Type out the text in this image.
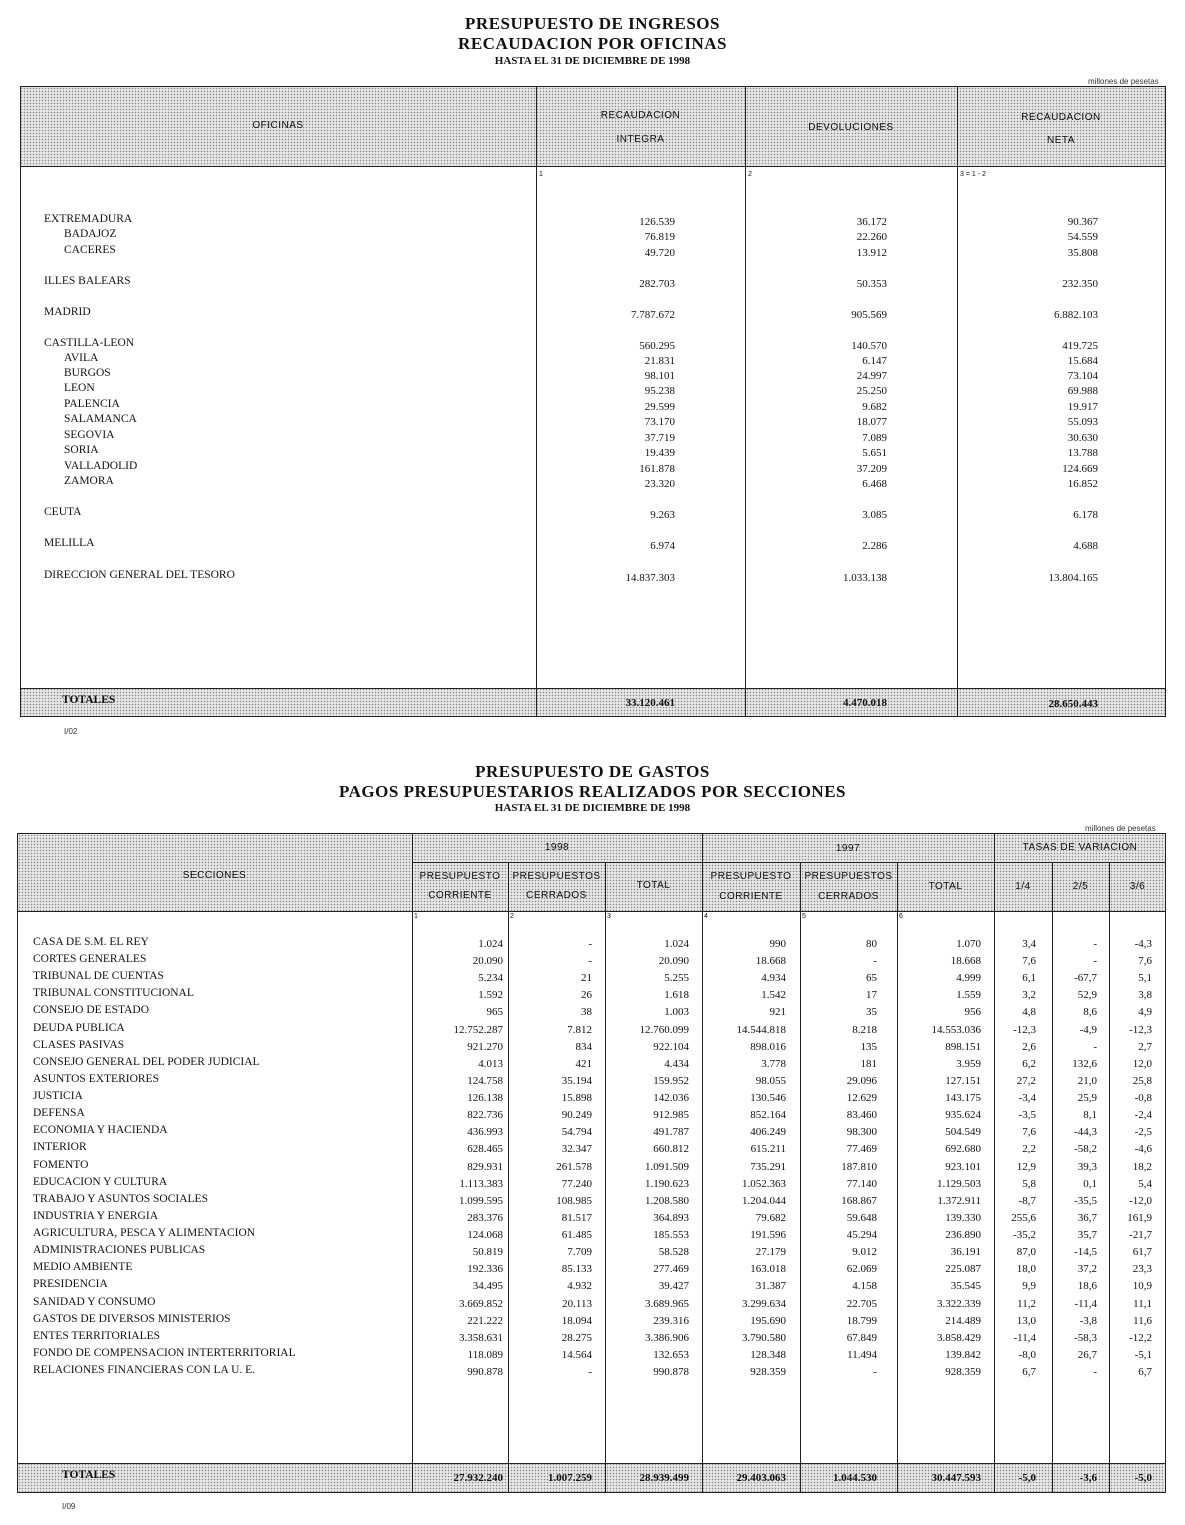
PRESUPUESTO DE INGRESOS
RECAUDACION POR OFICINAS
HASTA EL 31 DE DICIEMBRE DE 1998
millones de pesetas
OFICINAS
RECAUDACION
INTEGRA
DEVOLUCIONES
RECAUDACION
NETA
1	2	3 = 1 - 2
EXTREMADURA	126.539	36.172	90.367
BADAJOZ	76.819	22.260	54.559
CACERES	49.720	13.912	35.808
ILLES BALEARS	282.703	50.353	232.350
MADRID	7.787.672	905.569	6.882.103
CASTILLA-LEON	560.295	140.570	419.725
AVILA	21.831	6.147	15.684
BURGOS	98.101	24.997	73.104
LEON	95.238	25.250	69.988
PALENCIA	29.599	9.682	19.917
SALAMANCA	73.170	18.077	55.093
SEGOVIA	37.719	7.089	30.630
SORIA	19.439	5.651	13.788
VALLADOLID	161.878	37.209	124.669
ZAMORA	23.320	6.468	16.852
CEUTA	9.263	3.085	6.178
MELILLA	6.974	2.286	4.688
DIRECCION GENERAL DEL TESORO	14.837.303	1.033.138	13.804.165
TOTALES	33.120.461	4.470.018	28.650.443
I/02
PRESUPUESTO DE GASTOS
PAGOS PRESUPUESTARIOS REALIZADOS POR SECCIONES
HASTA EL 31 DE DICIEMBRE DE 1998
millones de pesetas
SECCIONES
1998	1997	TASAS DE VARIACION
PRESUPUESTO
CORRIENTE
PRESUPUESTOS
CERRADOS
TOTAL
PRESUPUESTO
CORRIENTE
PRESUPUESTOS
CERRADOS
TOTAL	1/4	2/5	3/6
1	2	3	4	5	6
CASA DE S.M. EL REY	1.024	-	1.024	990	80	1.070	3,4	-	-4,3
CORTES GENERALES	20.090	-	20.090	18.668	-	18.668	7,6	-	7,6
TRIBUNAL DE CUENTAS	5.234	21	5.255	4.934	65	4.999	6,1	-67,7	5,1
TRIBUNAL CONSTITUCIONAL	1.592	26	1.618	1.542	17	1.559	3,2	52,9	3,8
CONSEJO DE ESTADO	965	38	1.003	921	35	956	4,8	8,6	4,9
DEUDA PUBLICA	12.752.287	7.812	12.760.099	14.544.818	8.218	14.553.036	-12,3	-4,9	-12,3
CLASES PASIVAS	921.270	834	922.104	898.016	135	898.151	2,6	-	2,7
CONSEJO GENERAL DEL PODER JUDICIAL	4.013	421	4.434	3.778	181	3.959	6,2	132,6	12,0
ASUNTOS EXTERIORES	124.758	35.194	159.952	98.055	29.096	127.151	27,2	21,0	25,8
JUSTICIA	126.138	15.898	142.036	130.546	12.629	143.175	-3,4	25,9	-0,8
DEFENSA	822.736	90.249	912.985	852.164	83.460	935.624	-3,5	8,1	-2,4
ECONOMIA Y HACIENDA	436.993	54.794	491.787	406.249	98.300	504.549	7,6	-44,3	-2,5
INTERIOR	628.465	32.347	660.812	615.211	77.469	692.680	2,2	-58,2	-4,6
FOMENTO	829.931	261.578	1.091.509	735.291	187.810	923.101	12,9	39,3	18,2
EDUCACION Y CULTURA	1.113.383	77.240	1.190.623	1.052.363	77.140	1.129.503	5,8	0,1	5,4
TRABAJO Y ASUNTOS SOCIALES	1.099.595	108.985	1.208.580	1.204.044	168.867	1.372.911	-8,7	-35,5	-12,0
INDUSTRIA Y ENERGIA	283.376	81.517	364.893	79.682	59.648	139.330	255,6	36,7	161,9
AGRICULTURA, PESCA Y ALIMENTACION	124.068	61.485	185.553	191.596	45.294	236.890	-35,2	35,7	-21,7
ADMINISTRACIONES PUBLICAS	50.819	7.709	58.528	27.179	9.012	36.191	87,0	-14,5	61,7
MEDIO AMBIENTE	192.336	85.133	277.469	163.018	62.069	225.087	18,0	37,2	23,3
PRESIDENCIA	34.495	4.932	39.427	31.387	4.158	35.545	9,9	18,6	10,9
SANIDAD Y CONSUMO	3.669.852	20.113	3.689.965	3.299.634	22.705	3.322.339	11,2	-11,4	11,1
GASTOS DE DIVERSOS MINISTERIOS	221.222	18.094	239.316	195.690	18.799	214.489	13,0	-3,8	11,6
ENTES TERRITORIALES	3.358.631	28.275	3.386.906	3.790.580	67.849	3.858.429	-11,4	-58,3	-12,2
FONDO DE COMPENSACION INTERTERRITORIAL	118.089	14.564	132.653	128.348	11.494	139.842	-8,0	26,7	-5,1
RELACIONES FINANCIERAS CON LA U. E.	990.878	-	990.878	928.359	-	928.359	6,7	-	6,7
TOTALES	27.932.240	1.007.259	28.939.499	29.403.063	1.044.530	30.447.593	-5,0	-3,6	-5,0
I/09
